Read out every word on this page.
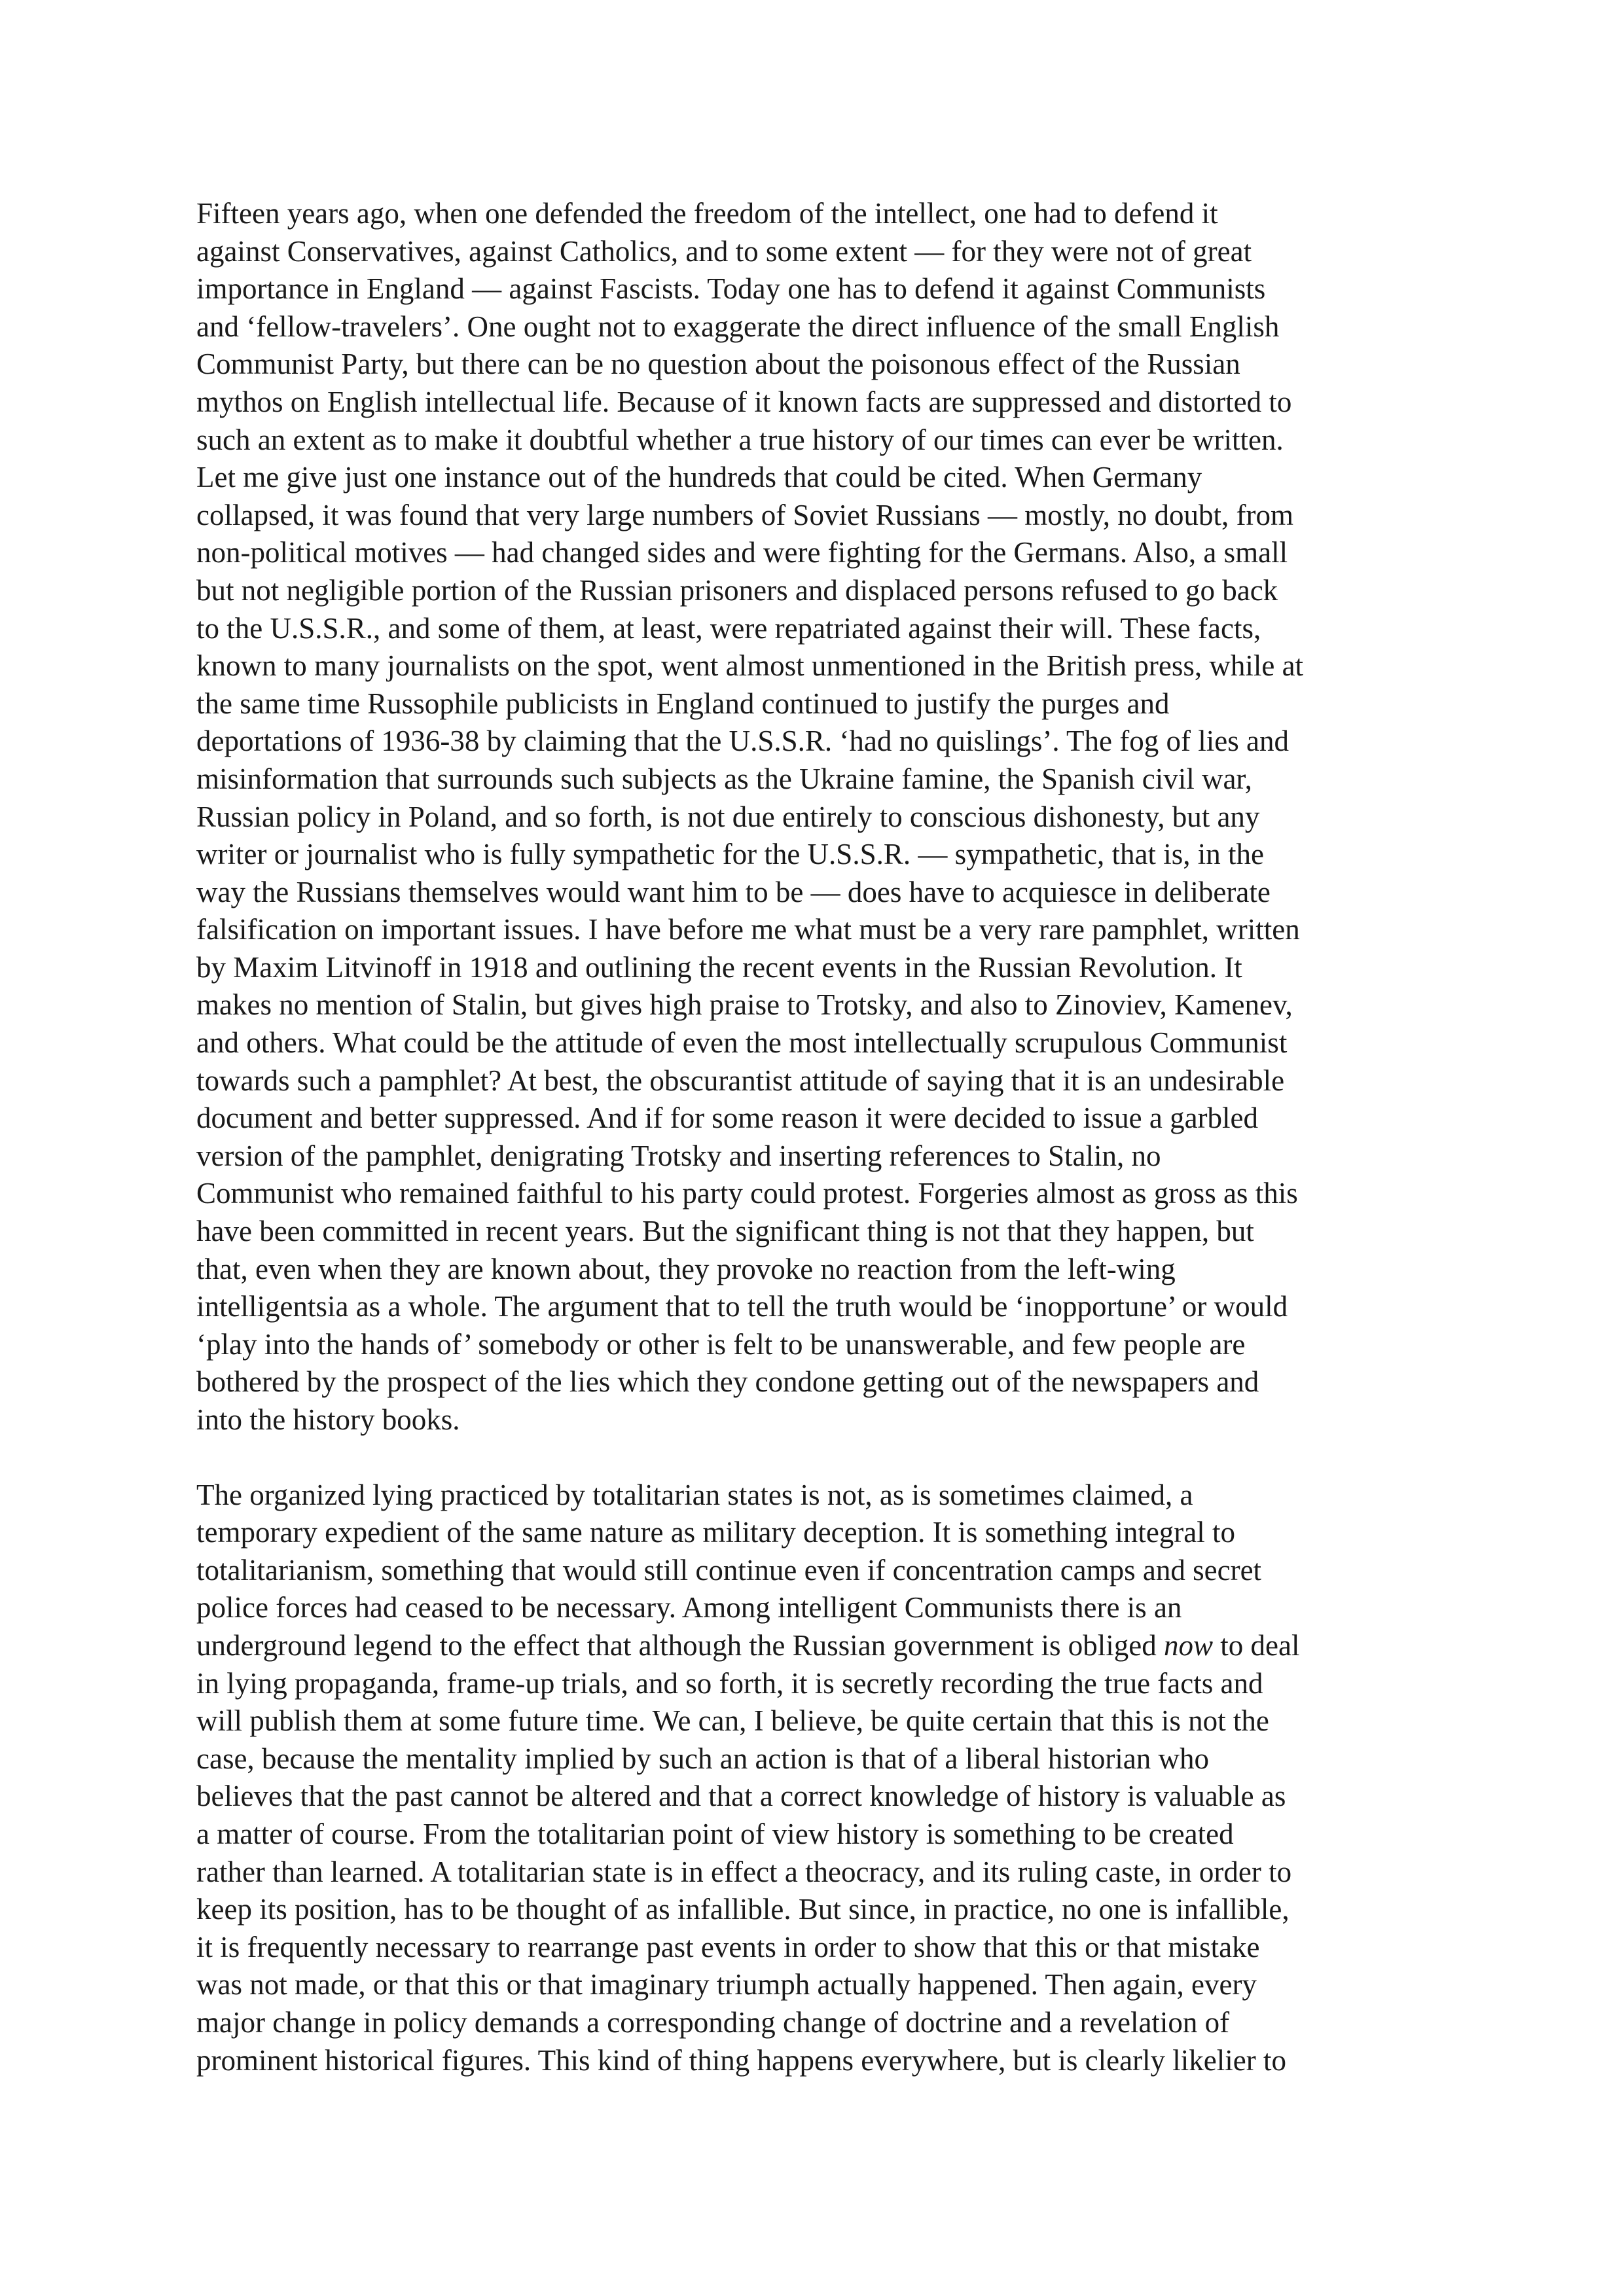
Fifteen years ago, when one defended the freedom of the intellect, one had to defend it
against Conservatives, against Catholics, and to some extent — for they were not of great
importance in England — against Fascists. Today one has to defend it against Communists
and ‘fellow-travelers’. One ought not to exaggerate the direct influence of the small English
Communist Party, but there can be no question about the poisonous effect of the Russian
mythos on English intellectual life. Because of it known facts are suppressed and distorted to
such an extent as to make it doubtful whether a true history of our times can ever be written.
Let me give just one instance out of the hundreds that could be cited. When Germany
collapsed, it was found that very large numbers of Soviet Russians — mostly, no doubt, from
non-political motives — had changed sides and were fighting for the Germans. Also, a small
but not negligible portion of the Russian prisoners and displaced persons refused to go back
to the U.S.S.R., and some of them, at least, were repatriated against their will. These facts,
known to many journalists on the spot, went almost unmentioned in the British press, while at
the same time Russophile publicists in England continued to justify the purges and
deportations of 1936-38 by claiming that the U.S.S.R. ‘had no quislings’. The fog of lies and
misinformation that surrounds such subjects as the Ukraine famine, the Spanish civil war,
Russian policy in Poland, and so forth, is not due entirely to conscious dishonesty, but any
writer or journalist who is fully sympathetic for the U.S.S.R. — sympathetic, that is, in the
way the Russians themselves would want him to be — does have to acquiesce in deliberate
falsification on important issues. I have before me what must be a very rare pamphlet, written
by Maxim Litvinoff in 1918 and outlining the recent events in the Russian Revolution. It
makes no mention of Stalin, but gives high praise to Trotsky, and also to Zinoviev, Kamenev,
and others. What could be the attitude of even the most intellectually scrupulous Communist
towards such a pamphlet? At best, the obscurantist attitude of saying that it is an undesirable
document and better suppressed. And if for some reason it were decided to issue a garbled
version of the pamphlet, denigrating Trotsky and inserting references to Stalin, no
Communist who remained faithful to his party could protest. Forgeries almost as gross as this
have been committed in recent years. But the significant thing is not that they happen, but
that, even when they are known about, they provoke no reaction from the left-wing
intelligentsia as a whole. The argument that to tell the truth would be ‘inopportune’ or would
‘play into the hands of’ somebody or other is felt to be unanswerable, and few people are
bothered by the prospect of the lies which they condone getting out of the newspapers and
into the history books.

The organized lying practiced by totalitarian states is not, as is sometimes claimed, a
temporary expedient of the same nature as military deception. It is something integral to
totalitarianism, something that would still continue even if concentration camps and secret
police forces had ceased to be necessary. Among intelligent Communists there is an
underground legend to the effect that although the Russian government is obliged now to deal
in lying propaganda, frame-up trials, and so forth, it is secretly recording the true facts and
will publish them at some future time. We can, I believe, be quite certain that this is not the
case, because the mentality implied by such an action is that of a liberal historian who
believes that the past cannot be altered and that a correct knowledge of history is valuable as
a matter of course. From the totalitarian point of view history is something to be created
rather than learned. A totalitarian state is in effect a theocracy, and its ruling caste, in order to
keep its position, has to be thought of as infallible. But since, in practice, no one is infallible,
it is frequently necessary to rearrange past events in order to show that this or that mistake
was not made, or that this or that imaginary triumph actually happened. Then again, every
major change in policy demands a corresponding change of doctrine and a revelation of
prominent historical figures. This kind of thing happens everywhere, but is clearly likelier to
